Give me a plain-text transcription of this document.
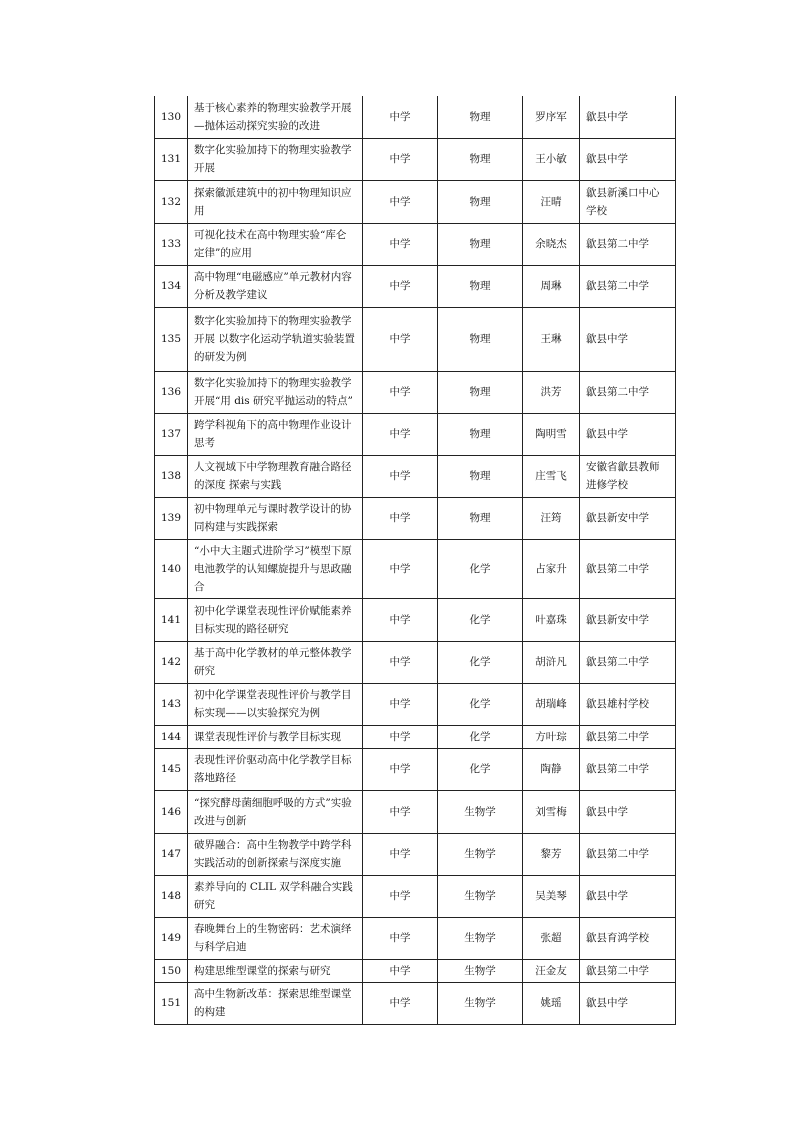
130	基于核心素养的物理实验教学开展—抛体运动探究实验的改进	中学	物理	罗序军	歙县中学
131	数字化实验加持下的物理实验教学开展	中学	物理	王小敏	歙县中学
132	探索徽派建筑中的初中物理知识应用	中学	物理	汪晴	歙县新溪口中心学校
133	可视化技术在高中物理实验“库仑定律”的应用	中学	物理	余晓杰	歙县第二中学
134	高中物理“电磁感应”单元教材内容分析及教学建议	中学	物理	周琳	歙县第二中学
135	数字化实验加持下的物理实验教学开展 以数字化运动学轨道实验装置的研发为例	中学	物理	王琳	歙县中学
136	数字化实验加持下的物理实验教学开展“用 dis 研究平抛运动的特点”	中学	物理	洪芳	歙县第二中学
137	跨学科视角下的高中物理作业设计思考	中学	物理	陶明雪	歙县中学
138	人文视域下中学物理教育融合路径的深度 探索与实践	中学	物理	庄雪飞	安徽省歙县教师进修学校
139	初中物理单元与课时教学设计的协同构建与实践探索	中学	物理	汪筠	歙县新安中学
140	“小中大主题式进阶学习”模型下原电池教学的认知螺旋提升与思政融合	中学	化学	占家升	歙县第二中学
141	初中化学课堂表现性评价赋能素养目标实现的路径研究	中学	化学	叶嘉珠	歙县新安中学
142	基于高中化学教材的单元整体教学研究	中学	化学	胡浒凡	歙县第二中学
143	初中化学课堂表现性评价与教学目标实现——以实验探究为例	中学	化学	胡瑞峰	歙县雄村学校
144	课堂表现性评价与教学目标实现	中学	化学	方叶琮	歙县第二中学
145	表现性评价驱动高中化学教学目标落地路径	中学	化学	陶静	歙县第二中学
146	“探究酵母菌细胞呼吸的方式”实验改进与创新	中学	生物学	刘雪梅	歙县中学
147	破界融合：高中生物教学中跨学科实践活动的创新探索与深度实施	中学	生物学	黎芳	歙县第二中学
148	素养导向的 CLIL 双学科融合实践研究	中学	生物学	吴美琴	歙县中学
149	春晚舞台上的生物密码：艺术演绎与科学启迪	中学	生物学	张超	歙县育鸿学校
150	构建思维型课堂的探索与研究	中学	生物学	汪金友	歙县第二中学
151	高中生物新改革：探索思维型课堂的构建	中学	生物学	姚瑶	歙县中学
